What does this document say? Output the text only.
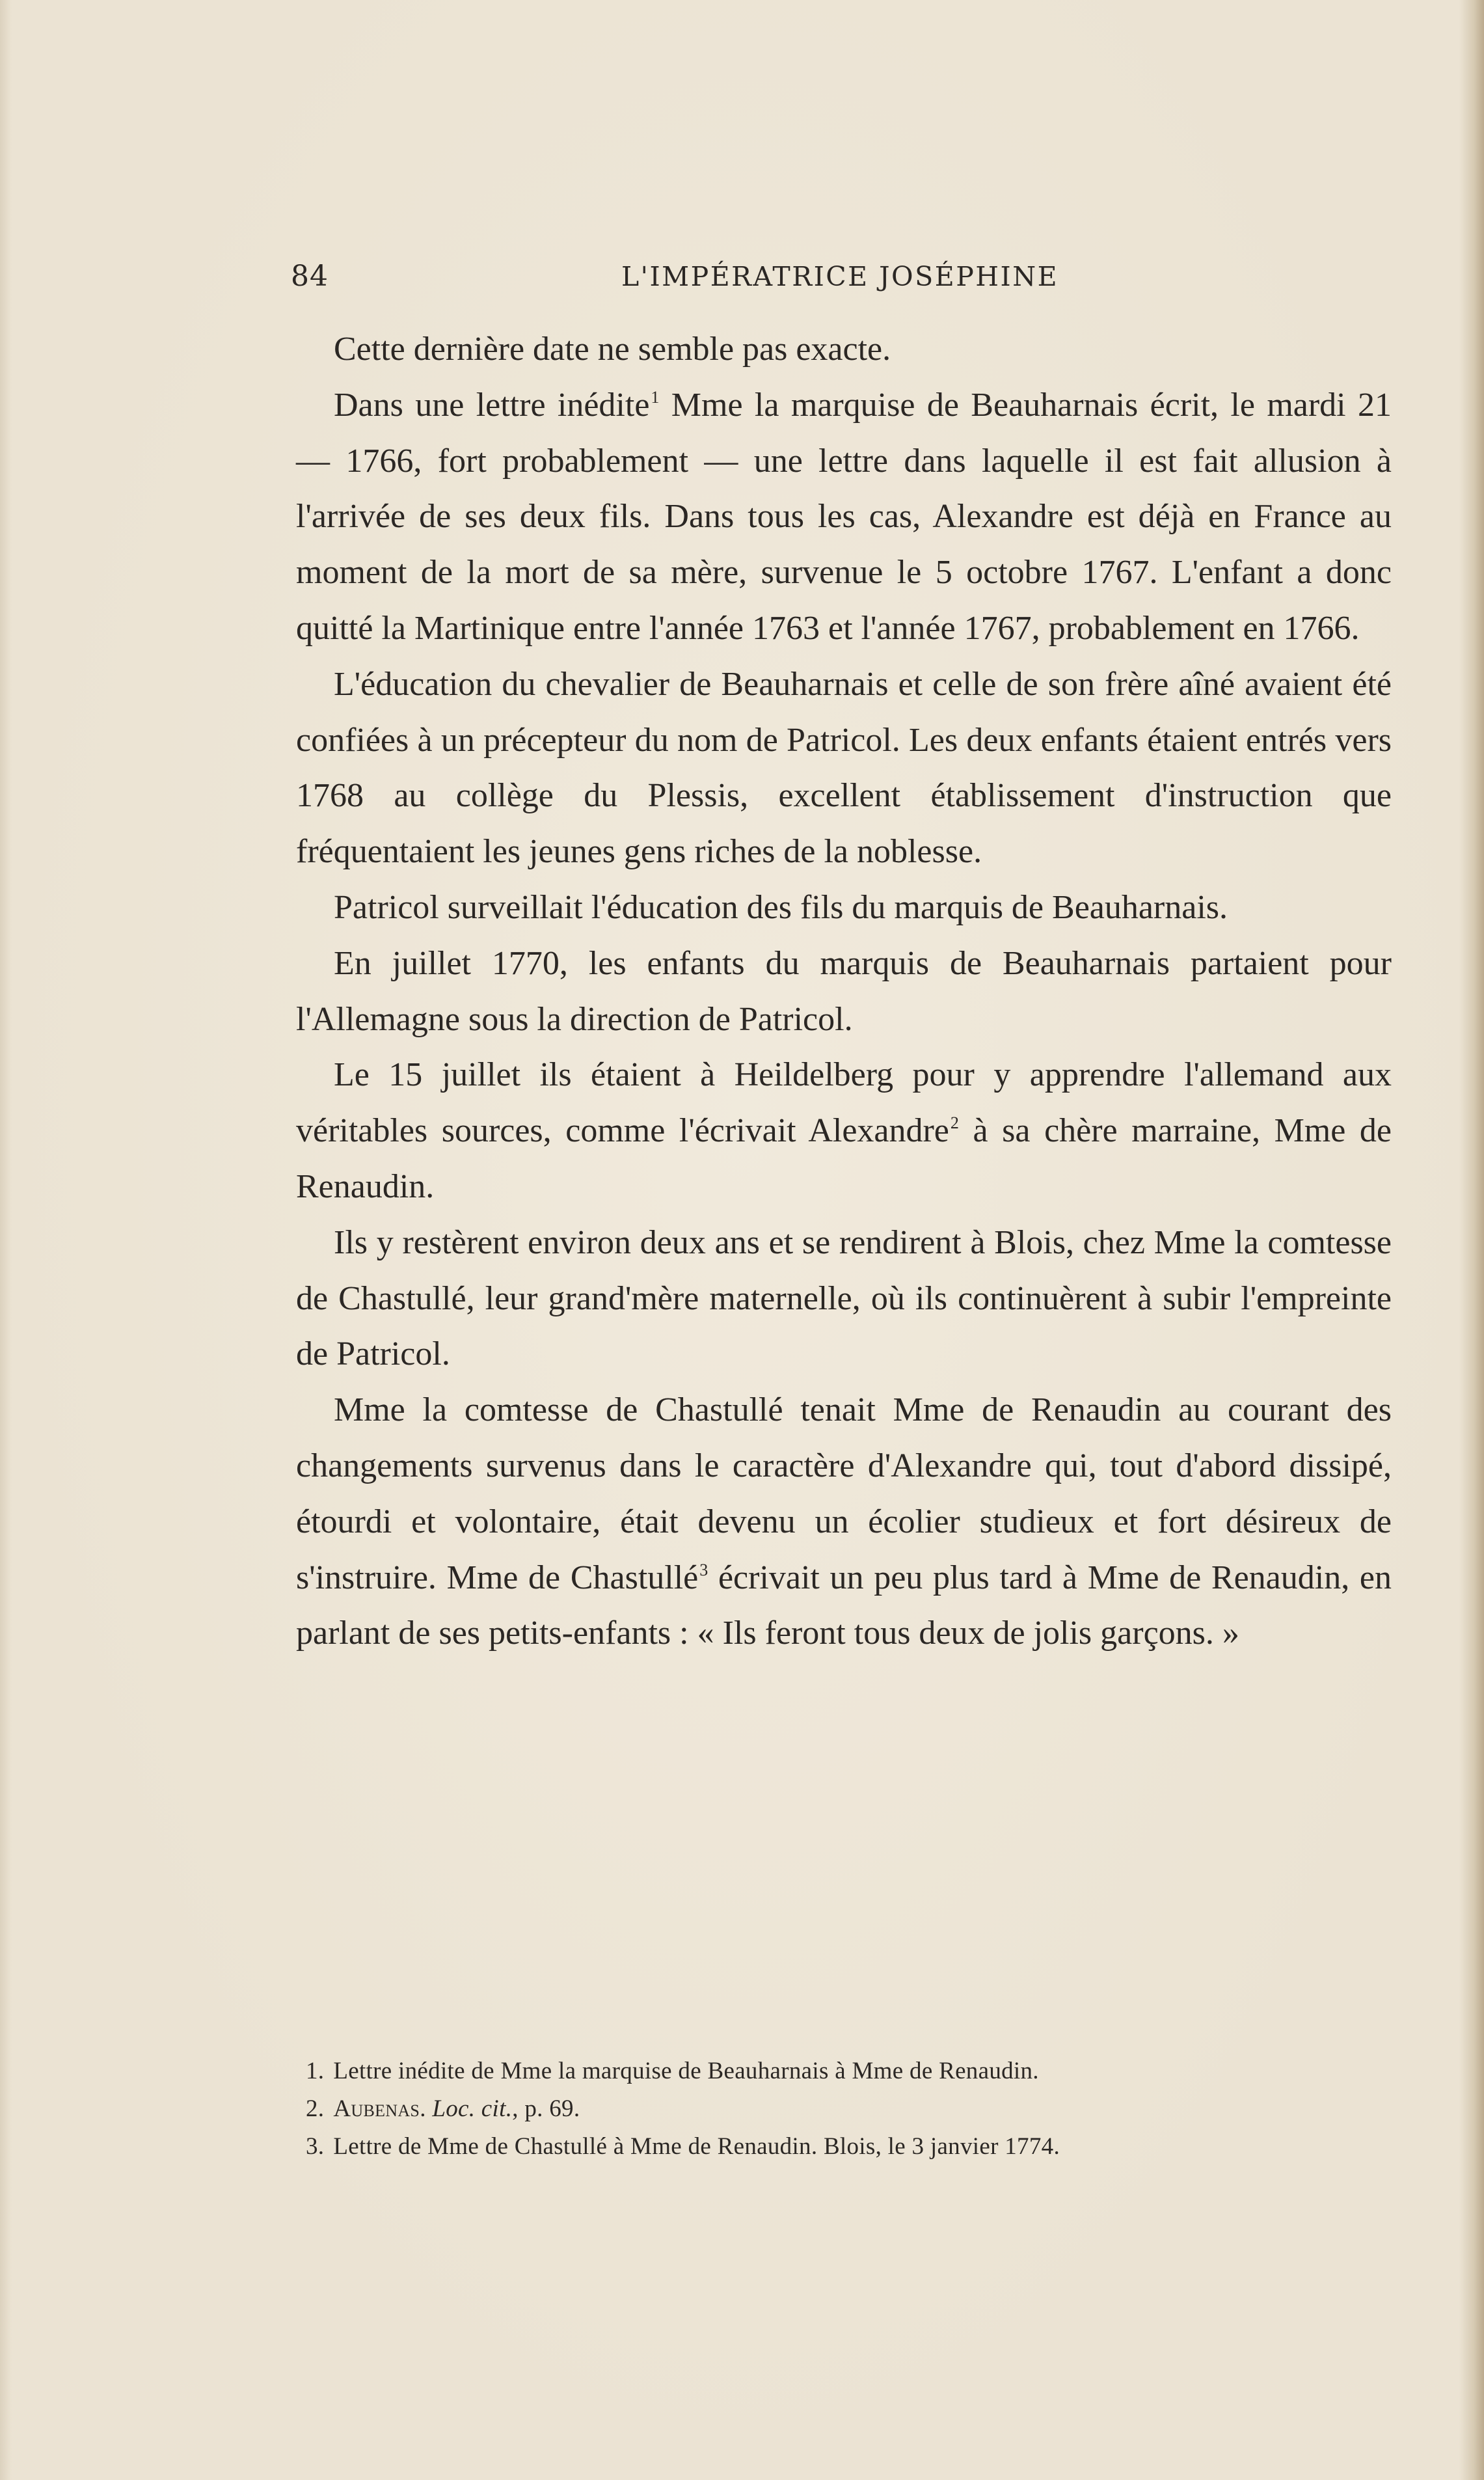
84	L'IMPÉRATRICE JOSÉPHINE

Cette dernière date ne semble pas exacte.

Dans une lettre inédite$^1$ Mme la marquise de Beauharnais écrit, le mardi 21 — 1766, fort probablement — une lettre dans laquelle il est fait allusion à l'arrivée de ses deux fils. Dans tous les cas, Alexandre est déjà en France au moment de la mort de sa mère, survenue le 5 octobre 1767. L'enfant a donc quitté la Martinique entre l'année 1763 et l'année 1767, probablement en 1766.

L'éducation du chevalier de Beauharnais et celle de son frère aîné avaient été confiées à un précepteur du nom de Patricol. Les deux enfants étaient entrés vers 1768 au collège du Plessis, excellent établissement d'instruction que fréquentaient les jeunes gens riches de la noblesse.

Patricol surveillait l'éducation des fils du marquis de Beauharnais.

En juillet 1770, les enfants du marquis de Beauharnais partaient pour l'Allemagne sous la direction de Patricol.

Le 15 juillet ils étaient à Heildelberg pour y apprendre l'allemand aux véritables sources, comme l'écrivait Alexandre$^2$ à sa chère marraine, Mme de Renaudin.

Ils y restèrent environ deux ans et se rendirent à Blois, chez Mme la comtesse de Chastullé, leur grand'mère maternelle, où ils continuèrent à subir l'empreinte de Patricol.

Mme la comtesse de Chastullé tenait Mme de Renaudin au courant des changements survenus dans le caractère d'Alexandre qui, tout d'abord dissipé, étourdi et volontaire, était devenu un écolier studieux et fort désireux de s'instruire. Mme de Chastullé$^3$ écrivait un peu plus tard à Mme de Renaudin, en parlant de ses petits-enfants : « Ils feront tous deux de jolis garçons. »

1. Lettre inédite de Mme la marquise de Beauharnais à Mme de Renaudin.
2. Aubenas. Loc. cit., p. 69.
3. Lettre de Mme de Chastullé à Mme de Renaudin. Blois, le 3 janvier 1774.
